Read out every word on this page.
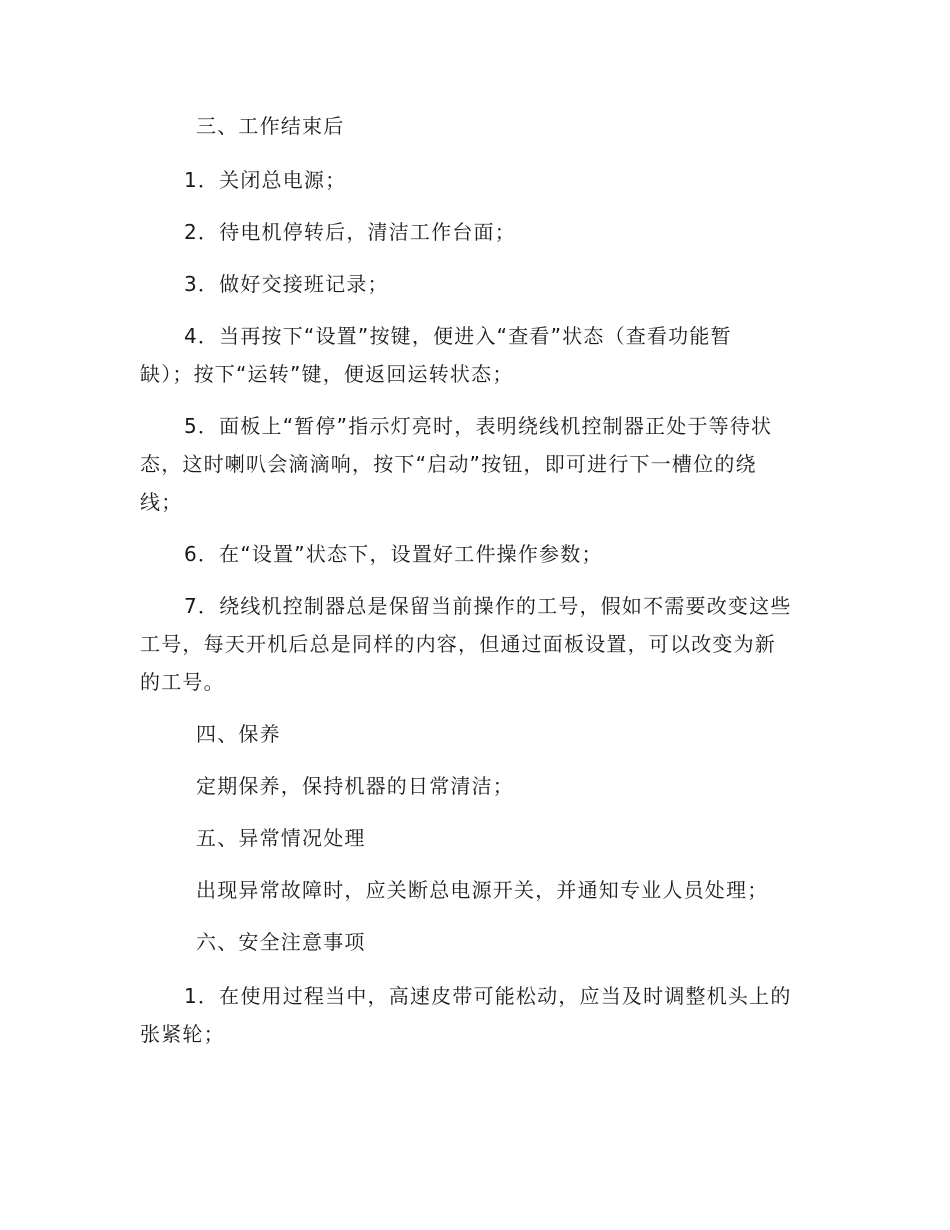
三、工作结束后
1．关闭总电源；
2．待电机停转后，清洁工作台面；
3．做好交接班记录；
4．当再按下“设置”按键，便进入“查看”状态（查看功能暂
缺）；按下“运转”键，便返回运转状态；
5．面板上“暂停”指示灯亮时，表明绕线机控制器正处于等待状
态，这时喇叭会滴滴响，按下“启动”按钮，即可进行下一槽位的绕
线；
6．在“设置”状态下，设置好工件操作参数；
7．绕线机控制器总是保留当前操作的工号，假如不需要改变这些
工号，每天开机后总是同样的内容，但通过面板设置，可以改变为新
的工号。
四、保养
定期保养，保持机器的日常清洁；
五、异常情况处理
出现异常故障时，应关断总电源开关，并通知专业人员处理；
六、安全注意事项
1．在使用过程当中，高速皮带可能松动，应当及时调整机头上的
张紧轮；
